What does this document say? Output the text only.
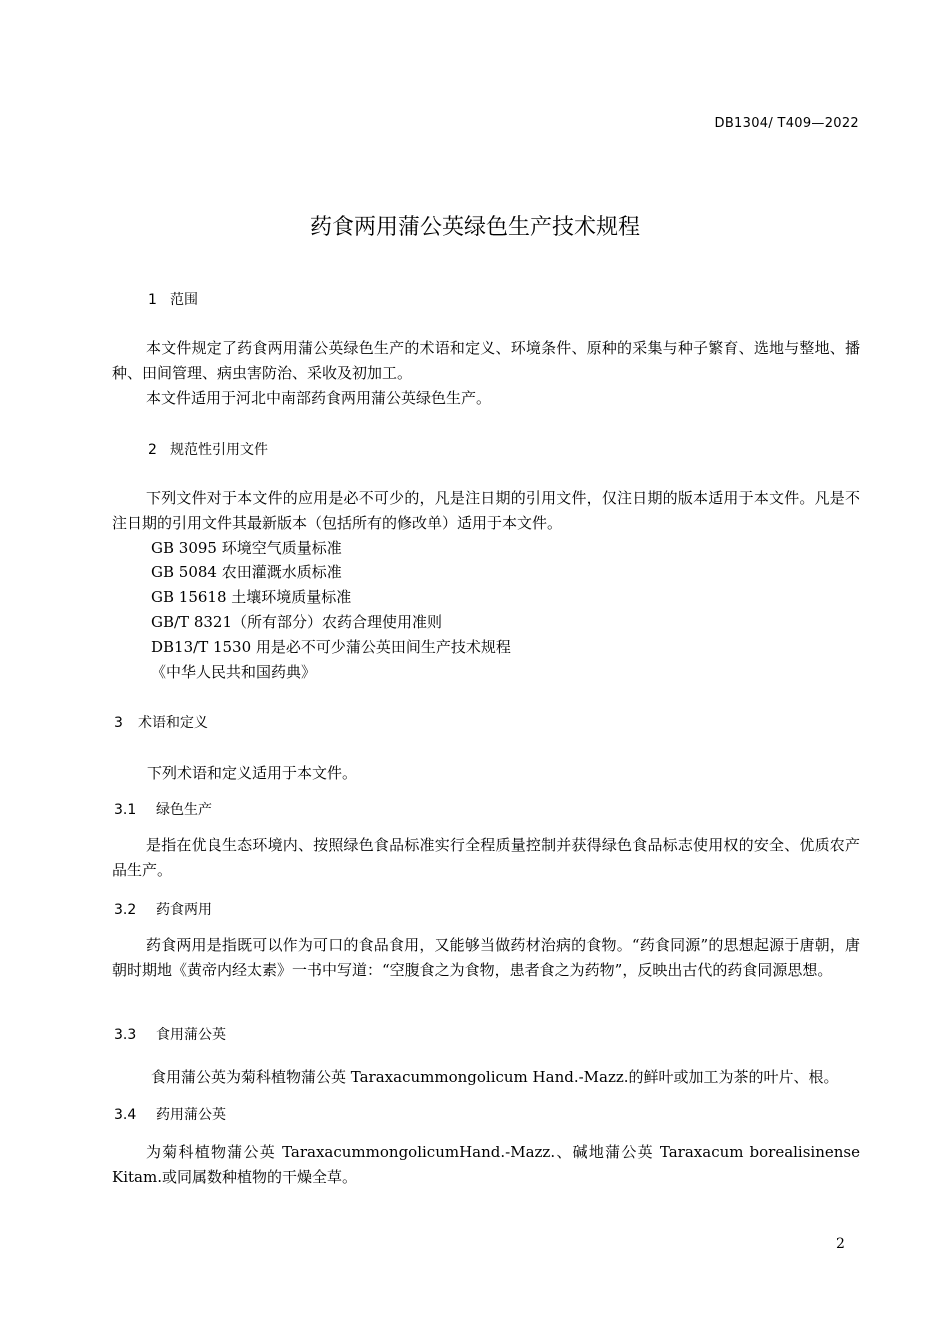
DB1304/ T409—2022
药食两用蒲公英绿色生产技术规程
1 范围
本文件规定了药食两用蒲公英绿色生产的术语和定义、环境条件、原种的采集与种子繁育、选地与整地、播种、田间管理、病虫害防治、采收及初加工。
本文件适用于河北中南部药食两用蒲公英绿色生产。
2 规范性引用文件
下列文件对于本文件的应用是必不可少的，凡是注日期的引用文件，仅注日期的版本适用于本文件。凡是不注日期的引用文件其最新版本（包括所有的修改单）适用于本文件。
GB 3095 环境空气质量标准
GB 5084 农田灌溉水质标准
GB 15618 土壤环境质量标准
GB/T 8321（所有部分）农药合理使用准则
DB13/T 1530 用是必不可少蒲公英田间生产技术规程
《中华人民共和国药典》
3 术语和定义
下列术语和定义适用于本文件。
3.1 绿色生产
是指在优良生态环境内、按照绿色食品标准实行全程质量控制并获得绿色食品标志使用权的安全、优质农产品生产。
3.2 药食两用
药食两用是指既可以作为可口的食品食用，又能够当做药材治病的食物。“药食同源”的思想起源于唐朝，唐朝时期地《黄帝内经太素》一书中写道：“空腹食之为食物，患者食之为药物”，反映出古代的药食同源思想。
3.3 食用蒲公英
食用蒲公英为菊科植物蒲公英 Taraxacummongolicum Hand.-Mazz.的鲜叶或加工为茶的叶片、根。
3.4 药用蒲公英
为菊科植物蒲公英 TaraxacummongolicumHand.-Mazz.、碱地蒲公英 Taraxacum borealisinense Kitam.或同属数种植物的干燥全草。
2
